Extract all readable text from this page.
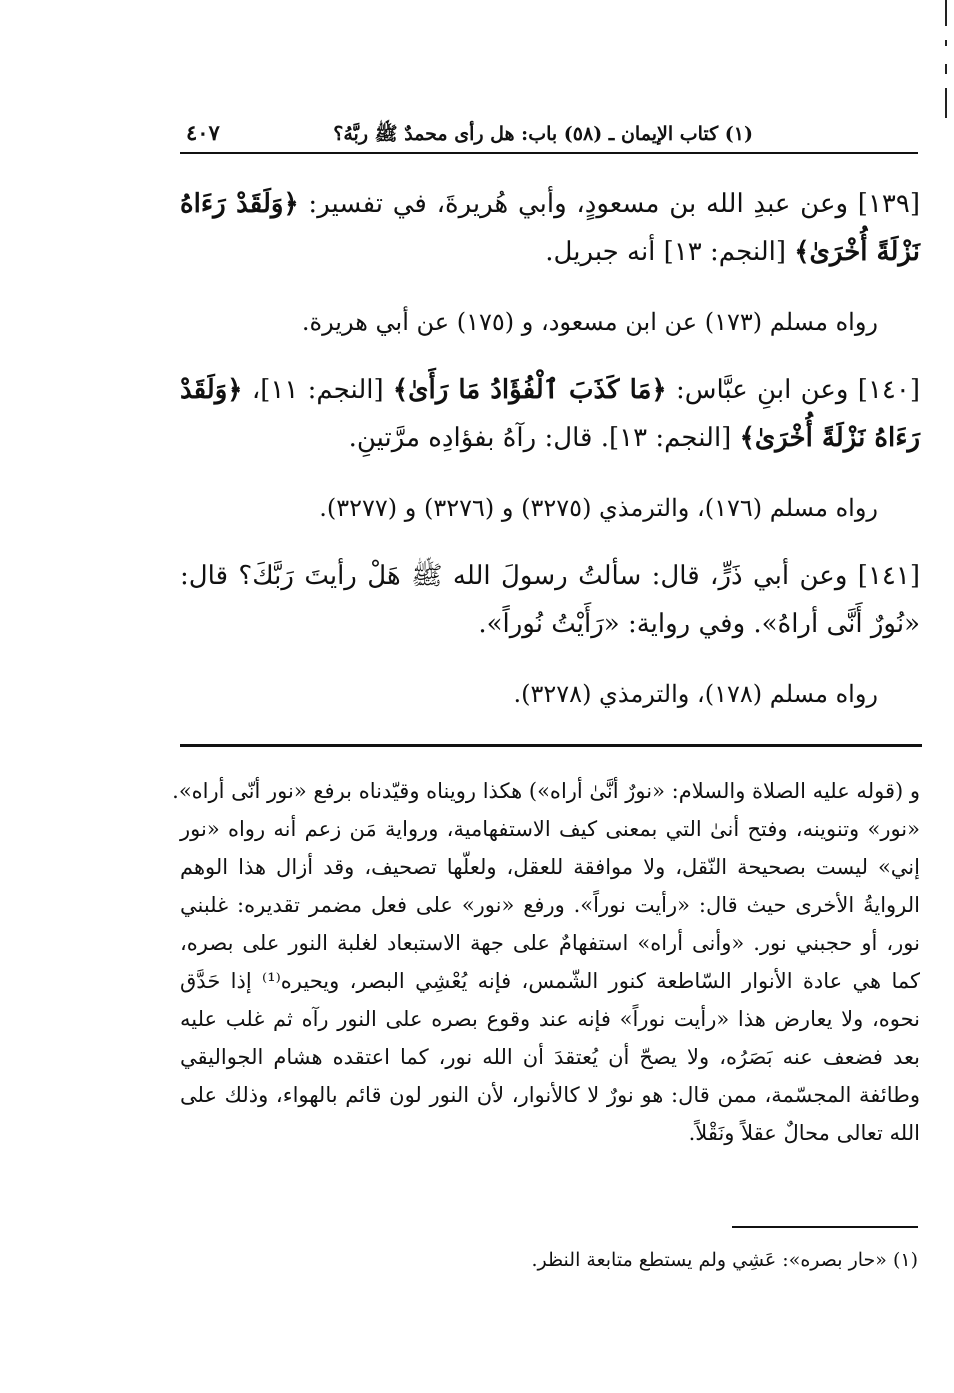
(١) كتاب الإيمان ـ (٥٨) باب: هل رأى محمدٌ ﷺ ربَّهُ؟
٤٠٧

[١٣٩] وعن عبدِ الله بن مسعودٍ، وأبي هُريرةَ، في تفسير: ﴿وَلَقَدْ رَءَاهُ نَزْلَةً أُخْرَىٰ﴾ [النجم: ١٣] أنه جبريل.

رواه مسلم (١٧٣) عن ابن مسعود، و (١٧٥) عن أبي هريرة.

[١٤٠] وعن ابنِ عبَّاس: ﴿مَا كَذَبَ ٱلْفُؤَادُ مَا رَأَىٰ﴾ [النجم: ١١]، ﴿وَلَقَدْ رَءَاهُ نَزْلَةً أُخْرَىٰ﴾ [النجم: ١٣]. قال: رآهُ بفؤادِه مرَّتينِ.

رواه مسلم (١٧٦)، والترمذي (٣٢٧٥) و (٣٢٧٦) و (٣٢٧٧).

[١٤١] وعن أبي ذَرٍّ، قال: سألتُ رسولَ الله ﷺ هَلْ رأيتَ رَبَّكَ؟ قال: «نُورٌ أَنَّى أراهُ». وفي رواية: «رَأَيْتُ نُوراً».

رواه مسلم (١٧٨)، والترمذي (٣٢٧٨).

و (قوله عليه الصلاة والسلام: «نورٌ أنَّىٰ أراه») هكذا رويناه وقيّدناه برفع «نور أنّى أراه».
«نور» وتنوينه، وفتح أنىٰ التي بمعنى كيف الاستفهامية، ورواية مَن زعم أنه رواه «نور إني» ليست بصحيحة النّقل، ولا موافقة للعقل، ولعلّها تصحيف، وقد أزال هذا الوهم الروايةُ الأخرى حيث قال: «رأيت نوراً». ورفع «نور» على فعل مضمر تقديره: غلبني نور، أو حجبني نور. «وأنى أراه» استفهامٌ على جهة الاستبعاد لغلبة النور على بصره، كما هي عادة الأنوار السّاطعة كنور الشّمس، فإنه يُعْشِي البصر، ويحيره⁽¹⁾ إذا حَدَّق نحوه، ولا يعارض هذا «رأيت نوراً» فإنه عند وقوع بصره على النور رآه ثم غلب عليه بعد فضعف عنه بَصَرُه، ولا يصحّ أن يُعتقدَ أن الله نور، كما اعتقده هشام الجواليقي وطائفة المجسّمة، ممن قال: هو نورٌ لا كالأنوار، لأن النور لون قائم بالهواء، وذلك على الله تعالى محالٌ عقلاً ونَقْلاً.
(١) «حار بصره»: عَشِي ولم يستطع متابعة النظر.
